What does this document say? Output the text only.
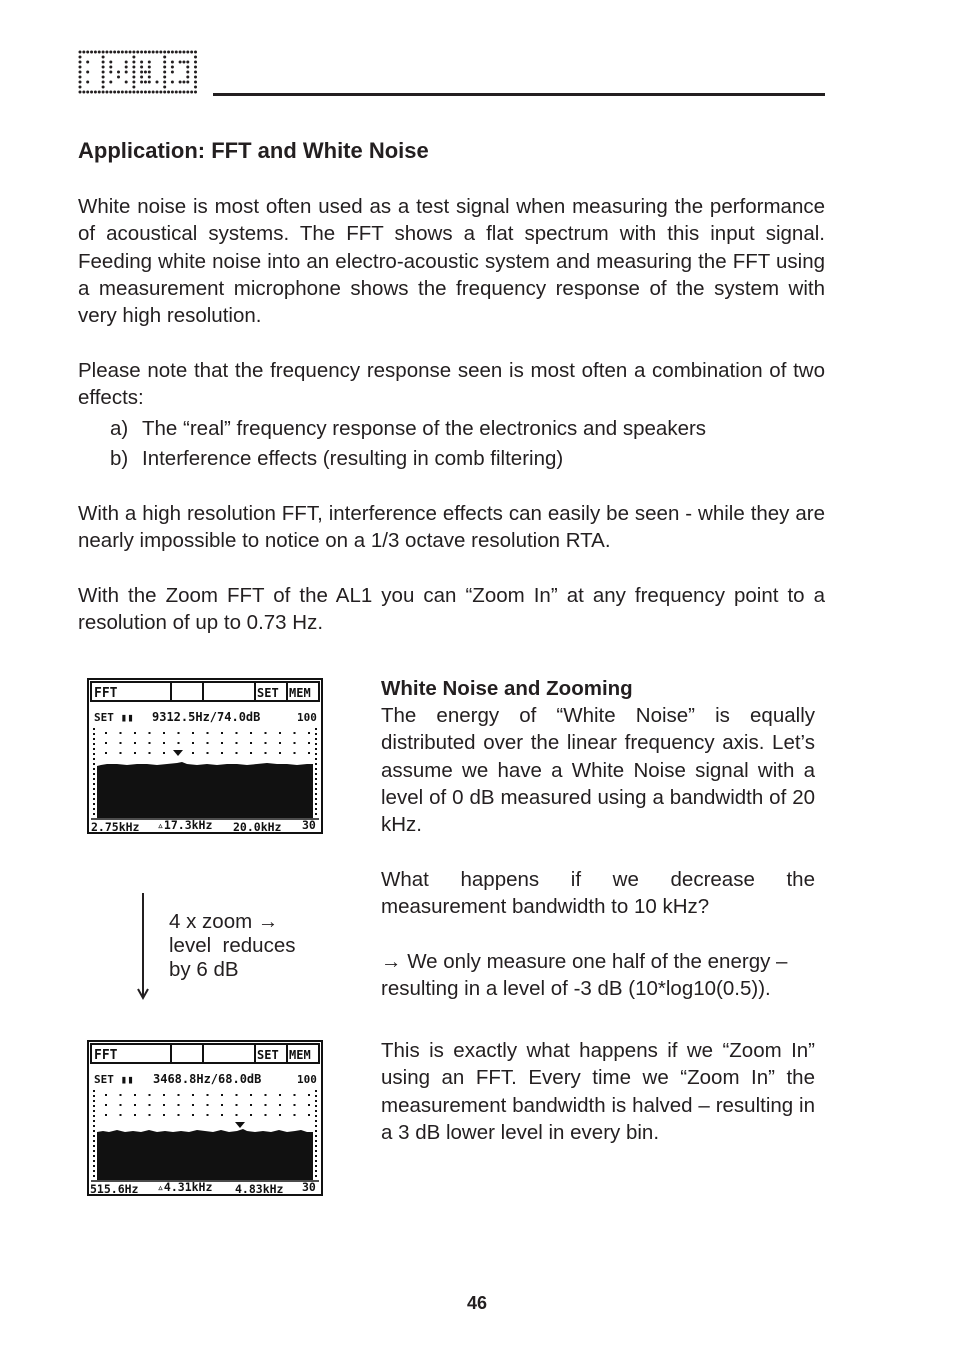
Application: FFT and White Noise

White noise is most often used as a test signal when measuring the performance of acoustical systems. The FFT shows a flat spectrum with this input signal. Feeding white noise into an electro-acoustic system and measuring the FFT using a measurement microphone shows the frequency response of the system with very high resolution.

Please note that the frequency response seen is most often a combination of two effects:

a) The “real” frequency response of the electronics and speakers
b) Interference effects (resulting in comb filtering)

With a high resolution FFT, interference effects can easily be seen - while they are nearly impossible to notice on a 1/3 octave resolution RTA.

With the Zoom FFT of the AL1 you can “Zoom In” at any frequency point to a resolution of up to 0.73 Hz.

FFT	SET MEM
SET ▮▮ 9312.5Hz/74.0dB	100
2.75kHz ▵17.3kHz 20.0kHz 30

4 x zoom →
level  reduces
by 6 dB

FFT	SET MEM
SET ▮▮ 3468.8Hz/68.0dB	100
515.6Hz ▵4.31kHz 4.83kHz 30

White Noise and Zooming

The energy of “White Noise” is equally distributed over the linear frequency axis. Let’s assume we have a White Noise signal with a level of 0 dB measured using a bandwidth of 20 kHz.

What happens if we decrease the measurement bandwidth to 10 kHz?

→ We only measure one half of the energy –
resulting in a level of -3 dB (10*log10(0.5)).

This is exactly what happens if we “Zoom In” using an FFT. Every time we “Zoom In” the measurement bandwidth is halved – resulting in a 3 dB lower level in every bin.

46
